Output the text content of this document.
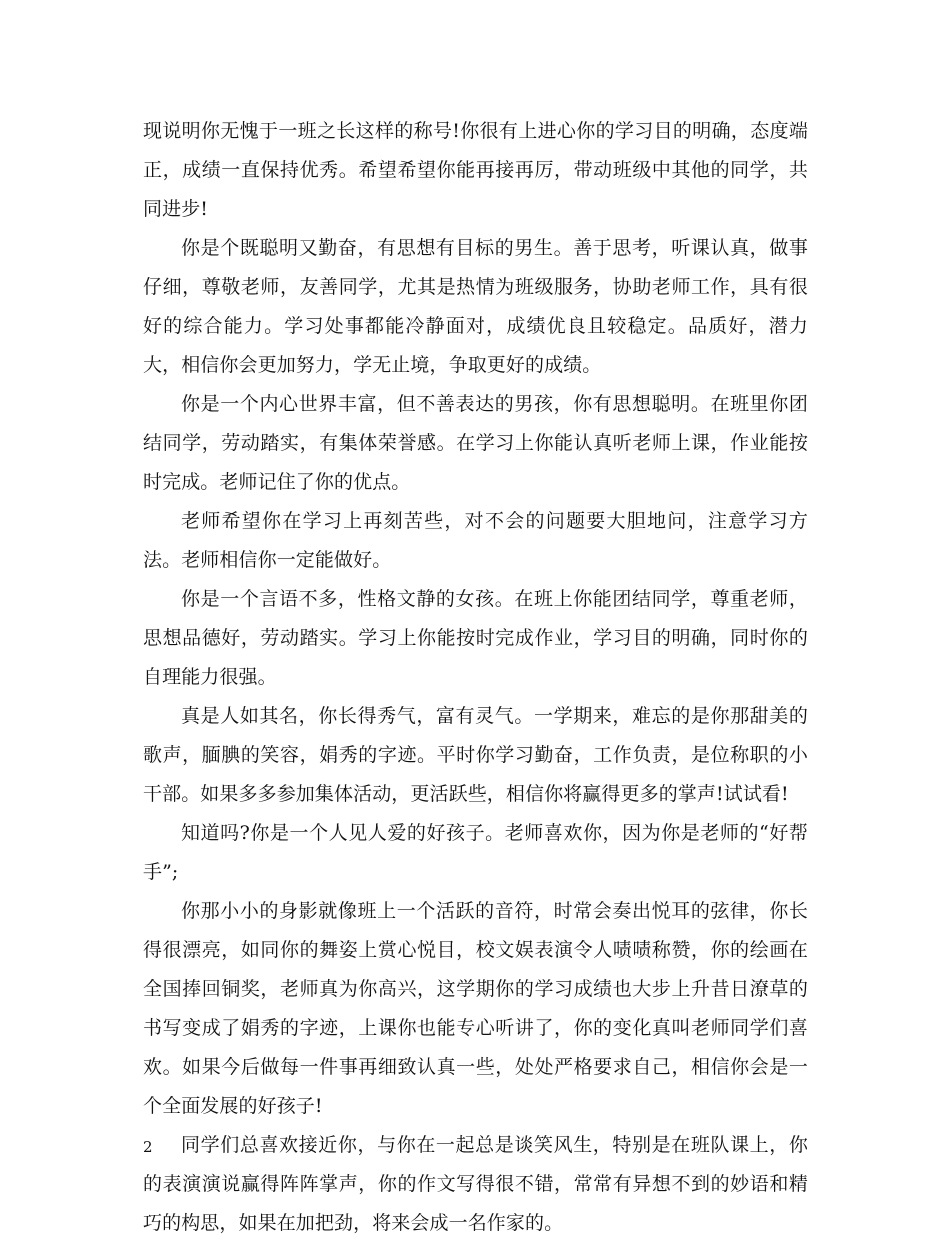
现说明你无愧于一班之长这样的称号!你很有上进心你的学习目的明确，态度端正，成绩一直保持优秀。希望希望你能再接再厉，带动班级中其他的同学，共同进步!

你是个既聪明又勤奋，有思想有目标的男生。善于思考，听课认真，做事仔细，尊敬老师，友善同学，尤其是热情为班级服务，协助老师工作，具有很好的综合能力。学习处事都能冷静面对，成绩优良且较稳定。品质好，潜力大，相信你会更加努力，学无止境，争取更好的成绩。

你是一个内心世界丰富，但不善表达的男孩，你有思想聪明。在班里你团结同学，劳动踏实，有集体荣誉感。在学习上你能认真听老师上课，作业能按时完成。老师记住了你的优点。

老师希望你在学习上再刻苦些，对不会的问题要大胆地问，注意学习方法。老师相信你一定能做好。

你是一个言语不多，性格文静的女孩。在班上你能团结同学，尊重老师，思想品德好，劳动踏实。学习上你能按时完成作业，学习目的明确，同时你的自理能力很强。

真是人如其名，你长得秀气，富有灵气。一学期来，难忘的是你那甜美的歌声，腼腆的笑容，娟秀的字迹。平时你学习勤奋，工作负责，是位称职的小干部。如果多多参加集体活动，更活跃些，相信你将赢得更多的掌声!试试看!

知道吗?你是一个人见人爱的好孩子。老师喜欢你，因为你是老师的“好帮手”;

你那小小的身影就像班上一个活跃的音符，时常会奏出悦耳的弦律，你长得很漂亮，如同你的舞姿上赏心悦目，校文娱表演令人啧啧称赞，你的绘画在全国捧回铜奖，老师真为你高兴，这学期你的学习成绩也大步上升昔日潦草的书写变成了娟秀的字迹，上课你也能专心听讲了，你的变化真叫老师同学们喜欢。如果今后做每一件事再细致认真一些，处处严格要求自己，相信你会是一个全面发展的好孩子!

同学们总喜欢接近你，与你在一起总是谈笑风生，特别是在班队课上，你的表演演说赢得阵阵掌声，你的作文写得很不错，常常有异想不到的妙语和精巧的构思，如果在加把劲，将来会成一名作家的。

2
